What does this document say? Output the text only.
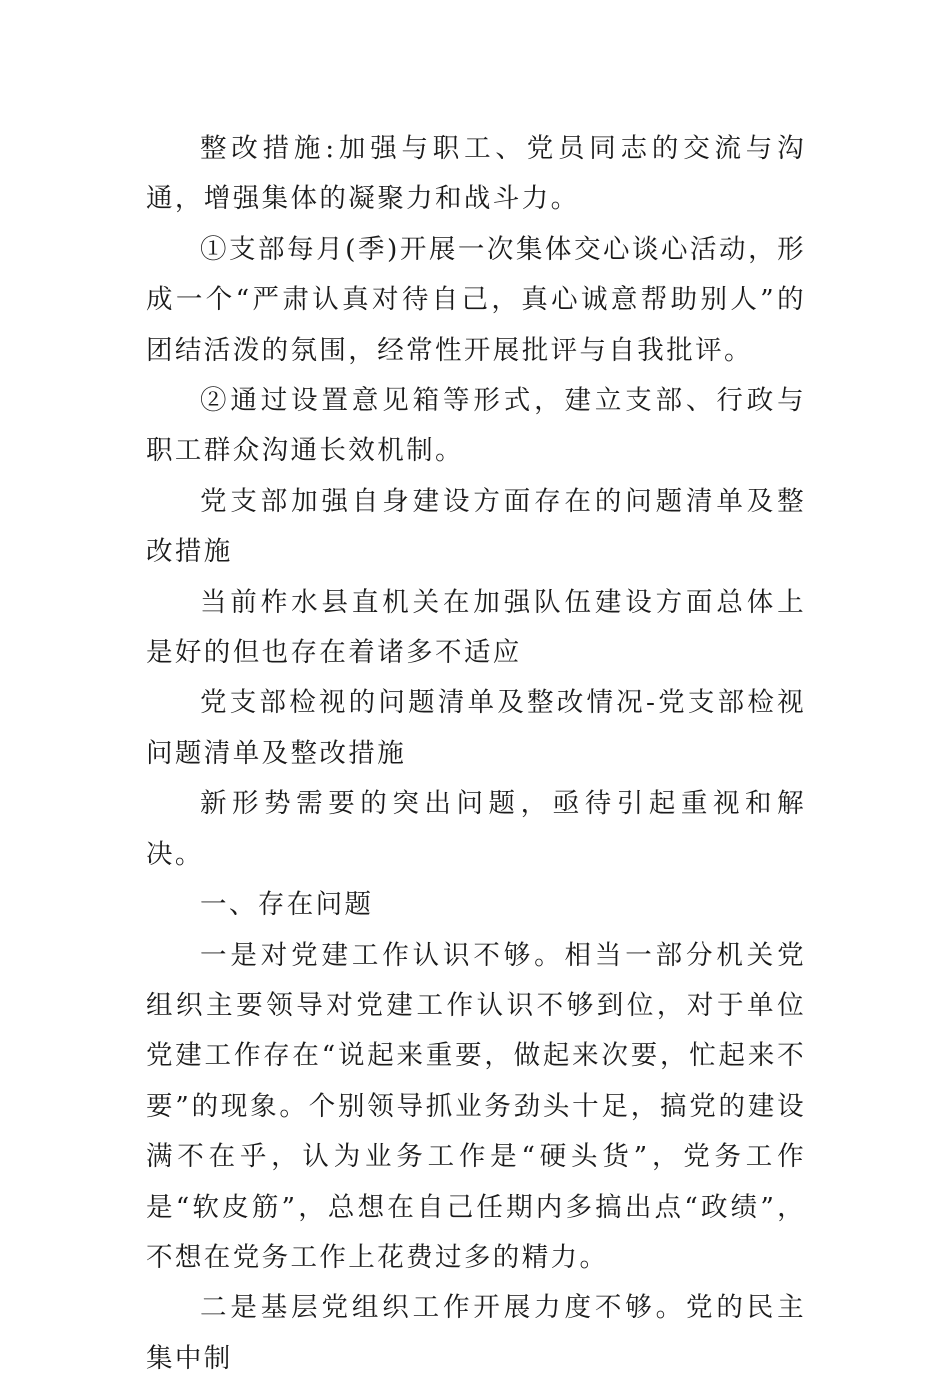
整改措施:加强与职工、党员同志的交流与沟通，增强集体的凝聚力和战斗力。

①支部每月(季)开展一次集体交心谈心活动，形成一个“严肃认真对待自己，真心诚意帮助别人”的团结活泼的氛围，经常性开展批评与自我批评。

②通过设置意见箱等形式，建立支部、行政与职工群众沟通长效机制。

党支部加强自身建设方面存在的问题清单及整改措施

当前柞水县直机关在加强队伍建设方面总体上是好的但也存在着诸多不适应

党支部检视的问题清单及整改情况-党支部检视问题清单及整改措施

新形势需要的突出问题，亟待引起重视和解决。

一、存在问题

一是对党建工作认识不够。相当一部分机关党组织主要领导对党建工作认识不够到位，对于单位党建工作存在“说起来重要，做起来次要，忙起来不要”的现象。个别领导抓业务劲头十足，搞党的建设满不在乎，认为业务工作是“硬头货”，党务工作是“软皮筋”，总想在自己任期内多搞出点“政绩”，不想在党务工作上花费过多的精力。

二是基层党组织工作开展力度不够。党的民主集中制
